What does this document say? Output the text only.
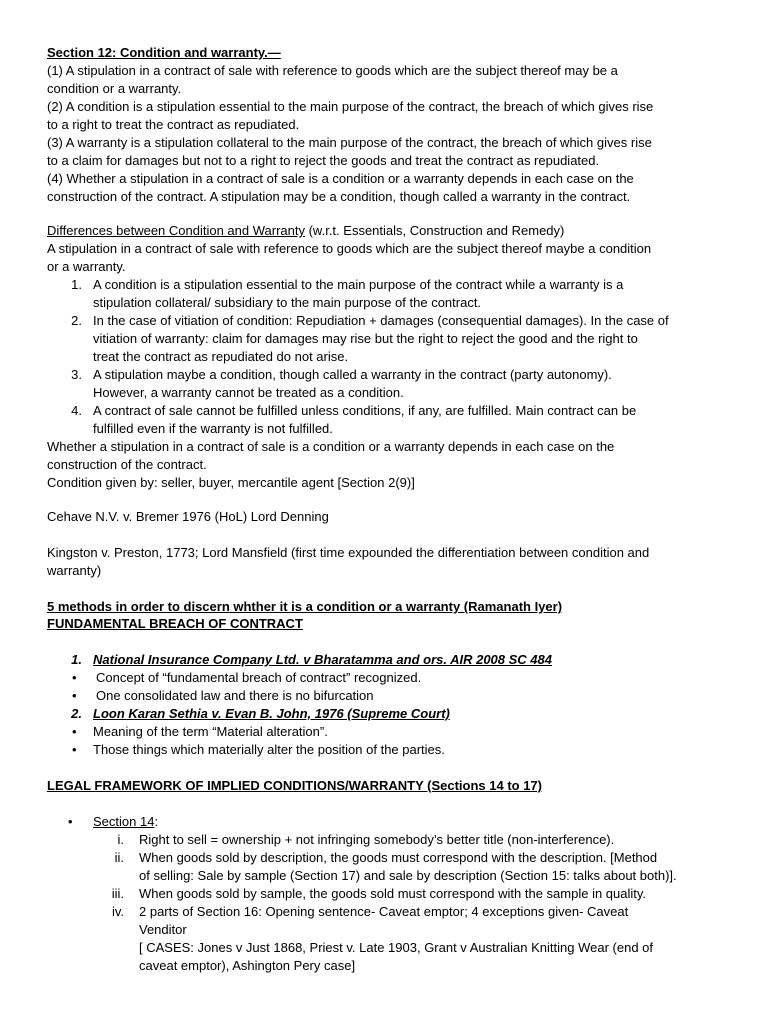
Section 12: Condition and warranty.—
(1) A stipulation in a contract of sale with reference to goods which are the subject thereof may be a
condition or a warranty.
(2) A condition is a stipulation essential to the main purpose of the contract, the breach of which gives rise
to a right to treat the contract as repudiated.
(3) A warranty is a stipulation collateral to the main purpose of the contract, the breach of which gives rise
to a claim for damages but not to a right to reject the goods and treat the contract as repudiated.
(4) Whether a stipulation in a contract of sale is a condition or a warranty depends in each case on the
construction of the contract. A stipulation may be a condition, though called a warranty in the contract.
Differences between Condition and Warranty (w.r.t. Essentials, Construction and Remedy)
A stipulation in a contract of sale with reference to goods which are the subject thereof maybe a condition
or a warranty.
1. A condition is a stipulation essential to the main purpose of the contract while a warranty is a
stipulation collateral/ subsidiary to the main purpose of the contract.
2. In the case of vitiation of condition: Repudiation + damages (consequential damages). In the case of
vitiation of warranty: claim for damages may rise but the right to reject the good and the right to
treat the contract as repudiated do not arise.
3. A stipulation maybe a condition, though called a warranty in the contract (party autonomy).
However, a warranty cannot be treated as a condition.
4. A contract of sale cannot be fulfilled unless conditions, if any, are fulfilled. Main contract can be
fulfilled even if the warranty is not fulfilled.
Whether a stipulation in a contract of sale is a condition or a warranty depends in each case on the
construction of the contract.
Condition given by: seller, buyer, mercantile agent [Section 2(9)]
Cehave N.V. v. Bremer 1976 (HoL) Lord Denning
Kingston v. Preston, 1773; Lord Mansfield (first time expounded the differentiation between condition and
warranty)
5 methods in order to discern whther it is a condition or a warranty (Ramanath Iyer)
FUNDAMENTAL BREACH OF CONTRACT
1. National Insurance Company Ltd. v Bharatamma and ors. AIR 2008 SC 484
• Concept of “fundamental breach of contract” recognized.
• One consolidated law and there is no bifurcation
2. Loon Karan Sethia v. Evan B. John, 1976 (Supreme Court)
• Meaning of the term “Material alteration”.
• Those things which materially alter the position of the parties.
LEGAL FRAMEWORK OF IMPLIED CONDITIONS/WARRANTY (Sections 14 to 17)
• Section 14:
i. Right to sell = ownership + not infringing somebody’s better title (non-interference).
ii. When goods sold by description, the goods must correspond with the description. [Method
of selling: Sale by sample (Section 17) and sale by description (Section 15: talks about both)].
iii. When goods sold by sample, the goods sold must correspond with the sample in quality.
iv. 2 parts of Section 16: Opening sentence- Caveat emptor; 4 exceptions given- Caveat
Venditor
[ CASES: Jones v Just 1868, Priest v. Late 1903, Grant v Australian Knitting Wear (end of
caveat emptor), Ashington Pery case]
